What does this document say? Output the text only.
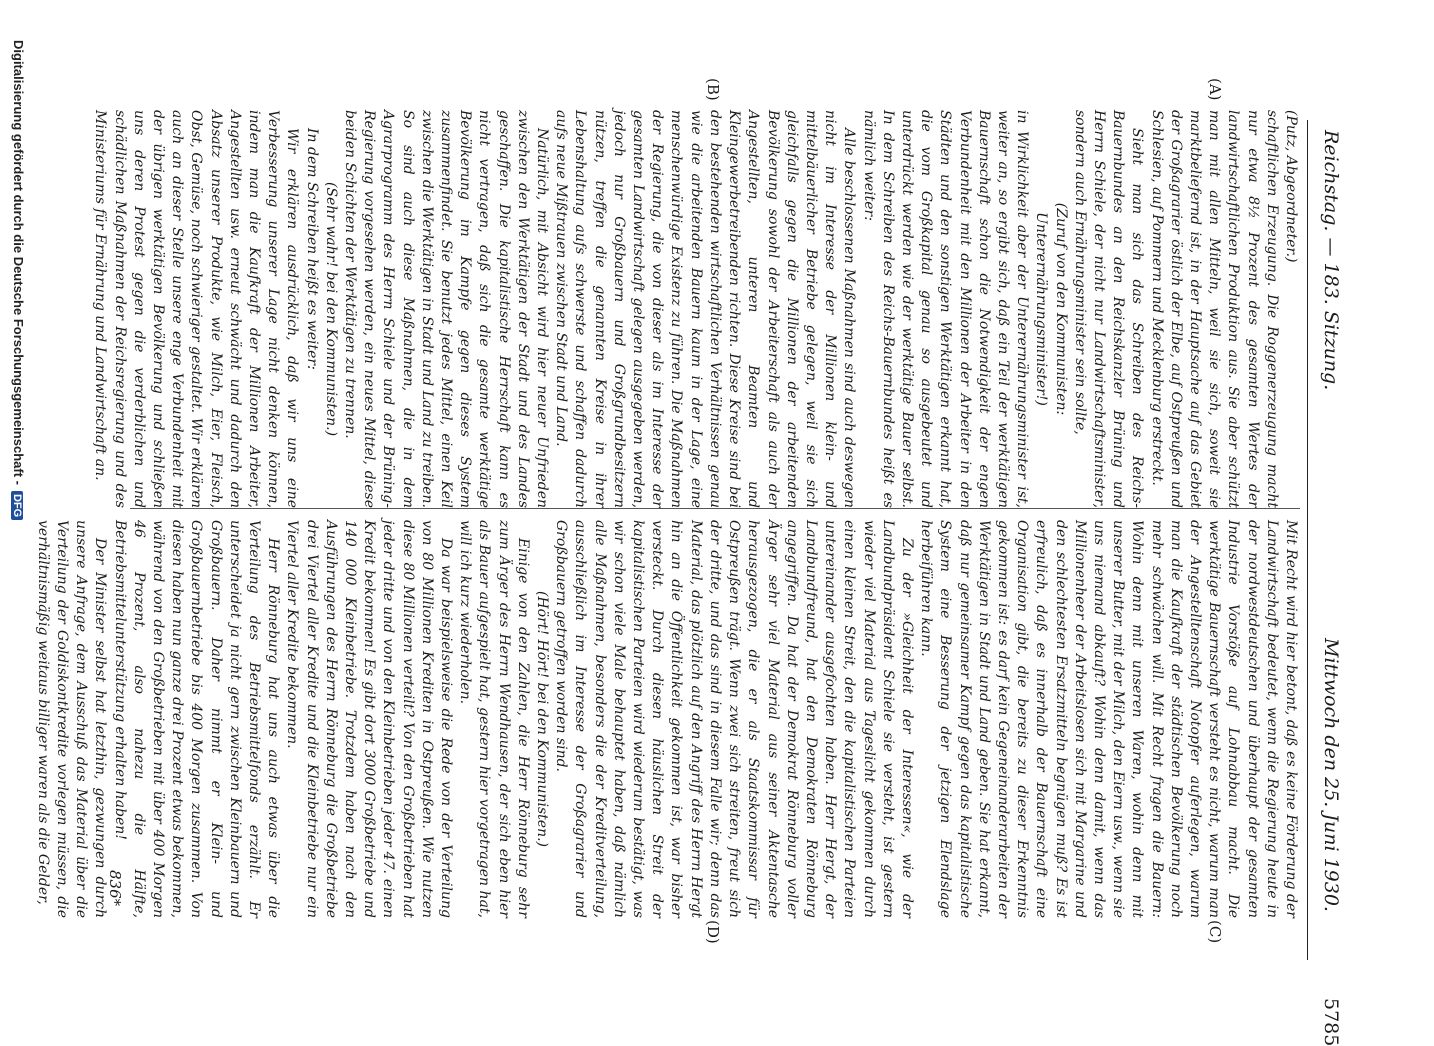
Reichstag. — 183. Sitzung.
Mittwoch den 25. Juni 1930.
5785
(A)
(B)
(C)
(D)

(Putz, Abgeordneter.)

schaftlichen Erzeugung. Die Roggenerzeugung macht nur etwa 8½ Prozent des gesamten Wertes der landwirtschaftlichen Produktion aus. Sie aber schützt man mit allen Mitteln, weil sie sich, soweit sie marktbeliefernd ist, in der Hauptsache auf das Gebiet der Großagrarier östlich der Elbe, auf Ostpreußen und Schlesien, auf Pommern und Mecklenburg erstreckt.

Sieht man sich das Schreiben des Reichs-Bauernbundes an den Reichskanzler Brüning und Herrn Schiele, der nicht nur Landwirtschaftsminister, sondern auch Ernährungsminister sein sollte,

(Zuruf von den Kommunisten: Unterernährungsminister!)

in Wirklichkeit aber der Unterernährungsminister ist, weiter an, so ergibt sich, daß ein Teil der werktätigen Bauernschaft schon die Notwendigkeit der engen Verbundenheit mit den Millionen der Arbeiter in den Städten und den sonstigen Werktätigen erkannt hat, die vom Großkapital genau so ausgebeutet und unterdrückt werden wie der werktätige Bauer selbst. In dem Schreiben des Reichs-Bauernbundes heißt es nämlich weiter:

Alle beschlossenen Maßnahmen sind auch deswegen nicht im Interesse der Millionen klein- und mittelbäuerlicher Betriebe gelegen, weil sie sich gleichfalls gegen die Millionen der arbeitenden Bevölkerung sowohl der Arbeiterschaft als auch der Angestellten, unteren Beamten und Kleingewerbetreibenden richten. Diese Kreise sind bei den bestehenden wirtschaftlichen Verhältnissen genau wie die arbeitenden Bauern kaum in der Lage, eine menschenwürdige Existenz zu führen. Die Maßnahmen der Regierung, die von dieser als im Interesse der gesamten Landwirtschaft gelegen ausgegeben werden, jedoch nur Großbauern und Großgrundbesitzern nützen, treffen die genannten Kreise in ihrer Lebenshaltung aufs schwerste und schaffen dadurch aufs neue Mißtrauen zwischen Stadt und Land.

Natürlich, mit Absicht wird hier neuer Unfrieden zwischen den Werktätigen der Stadt und des Landes geschaffen. Die kapitalistische Herrschaft kann es nicht vertragen, daß sich die gesamte werktätige Bevölkerung im Kampfe gegen dieses System zusammenfindet. Sie benutzt jedes Mittel, einen Keil zwischen die Werktätigen in Stadt und Land zu treiben. So sind auch diese Maßnahmen, die in dem Agrarprogramm des Herrn Schiele und der Brüning-Regierung vorgesehen werden, ein neues Mittel, diese beiden Schichten der Werktätigen zu trennen.

(Sehr wahr! bei den Kommunisten.)

In dem Schreiben heißt es weiter:

Wir erklären ausdrücklich, daß wir uns eine Verbesserung unserer Lage nicht denken können, indem man die Kaufkraft der Millionen Arbeiter, Angestellten usw. erneut schwächt und dadurch den Absatz unserer Produkte, wie Milch, Eier, Fleisch, Obst, Gemüse, noch schwieriger gestaltet. Wir erklären auch an dieser Stelle unsere enge Verbundenheit mit der übrigen werktätigen Bevölkerung und schließen uns deren Protest gegen die verderblichen und schädlichen Maßnahmen der Reichsregierung und des Ministeriums für Ernährung und Landwirtschaft an.

Mit Recht wird hier betont, daß es keine Förderung der Landwirtschaft bedeutet, wenn die Regierung heute in der nordwestdeutschen und überhaupt der gesamten Industrie Vorstöße auf Lohnabbau macht. Die werktätige Bauernschaft versteht es nicht, warum man der Angestelltenschaft Notopfer auferlegen, warum man die Kaufkraft der städtischen Bevölkerung noch mehr schwächen will. Mit Recht fragen die Bauern: Wohin denn mit unseren Waren, wohin denn mit unserer Butter, mit der Milch, den Eiern usw., wenn sie uns niemand abkauft? Wohin denn damit, wenn das Millionenheer der Arbeitslosen sich mit Margarine und den schlechtesten Ersatzmitteln begnügen muß? Es ist erfreulich, daß es innerhalb der Bauernschaft eine Organisation gibt, die bereits zu dieser Erkenntnis gekommen ist: es darf kein Gegeneinanderarbeiten der Werktätigen in Stadt und Land geben. Sie hat erkannt, daß nur gemeinsamer Kampf gegen das kapitalistische System eine Besserung der jetzigen Elendslage herbeiführen kann.

Zu der »Gleichheit der Interessen«, wie der Landbundpräsident Schiele sie versteht, ist gestern wieder viel Material aus Tageslicht gekommen durch einen kleinen Streit, den die kapitalistischen Parteien untereinander ausgefochten haben. Herr Hergt, der Landbundfreund, hat den Demokraten Rönneburg angegriffen. Da hat der Demokrat Rönneburg voller Ärger sehr viel Material aus seiner Aktentasche herausgezogen, die er als Staatskommissar für Ostpreußen trägt. Wenn zwei sich streiten, freut sich der dritte, und das sind in diesem Falle wir; denn das Material, das plötzlich auf den Angriff des Herrn Hergt hin an die Öffentlichkeit gekommen ist, war bisher versteckt. Durch diesen häuslichen Streit der kapitalistischen Parteien wird wiederum bestätigt, was wir schon viele Male behauptet haben, daß nämlich alle Maßnahmen, besonders die der Kreditverteilung, ausschließlich im Interesse der Großagrarier und Großbauern getroffen worden sind.

(Hört! Hört! bei den Kommunisten.)

Einige von den Zahlen, die Herr Rönneburg sehr zum Ärger des Herrn Wendhausen, der sich eben hier als Bauer aufgespielt hat, gestern hier vorgetragen hat, will ich kurz wiederholen.

Da war beispielsweise die Rede von der Verteilung von 80 Millionen Krediten in Ostpreußen. Wie nutzen diese 80 Millionen verteilt? Von den Großbetrieben hat jeder dritte und von den Kleinbetrieben jeder 47. einen Kredit bekommen! Es gibt dort 3000 Großbetriebe und 140 000 Kleinbetriebe. Trotzdem haben nach den Ausführungen des Herrn Rönneburg die Großbetriebe drei Viertel aller Kredite und die Kleinbetriebe nur ein Viertel aller Kredite bekommen.

Herr Rönneburg hat uns auch etwas über die Verteilung des Betriebsmittelfonds erzählt. Er unterscheidet ja nicht gern zwischen Kleinbauern und Großbauern. Daher nimmt er Klein- und Großbauernbetriebe bis 400 Morgen zusammen. Von diesen haben nun ganze drei Prozent etwas bekommen, während von den Großbetrieben mit über 400 Morgen 46 Prozent, also nahezu die Hälfte, Betriebsmittelunterstützung erhalten haben!

Der Minister selbst hat letzthin, gezwungen durch unsere Anfrage, dem Ausschuß das Material über die Verteilung der Goldiskontkredite vorlegen müssen, die verhältnismäßig weitaus billiger waren als die Gelder,	836*
Digitalisierung gefördert durch die Deutsche Forschungsgemeinschaft -DFG
